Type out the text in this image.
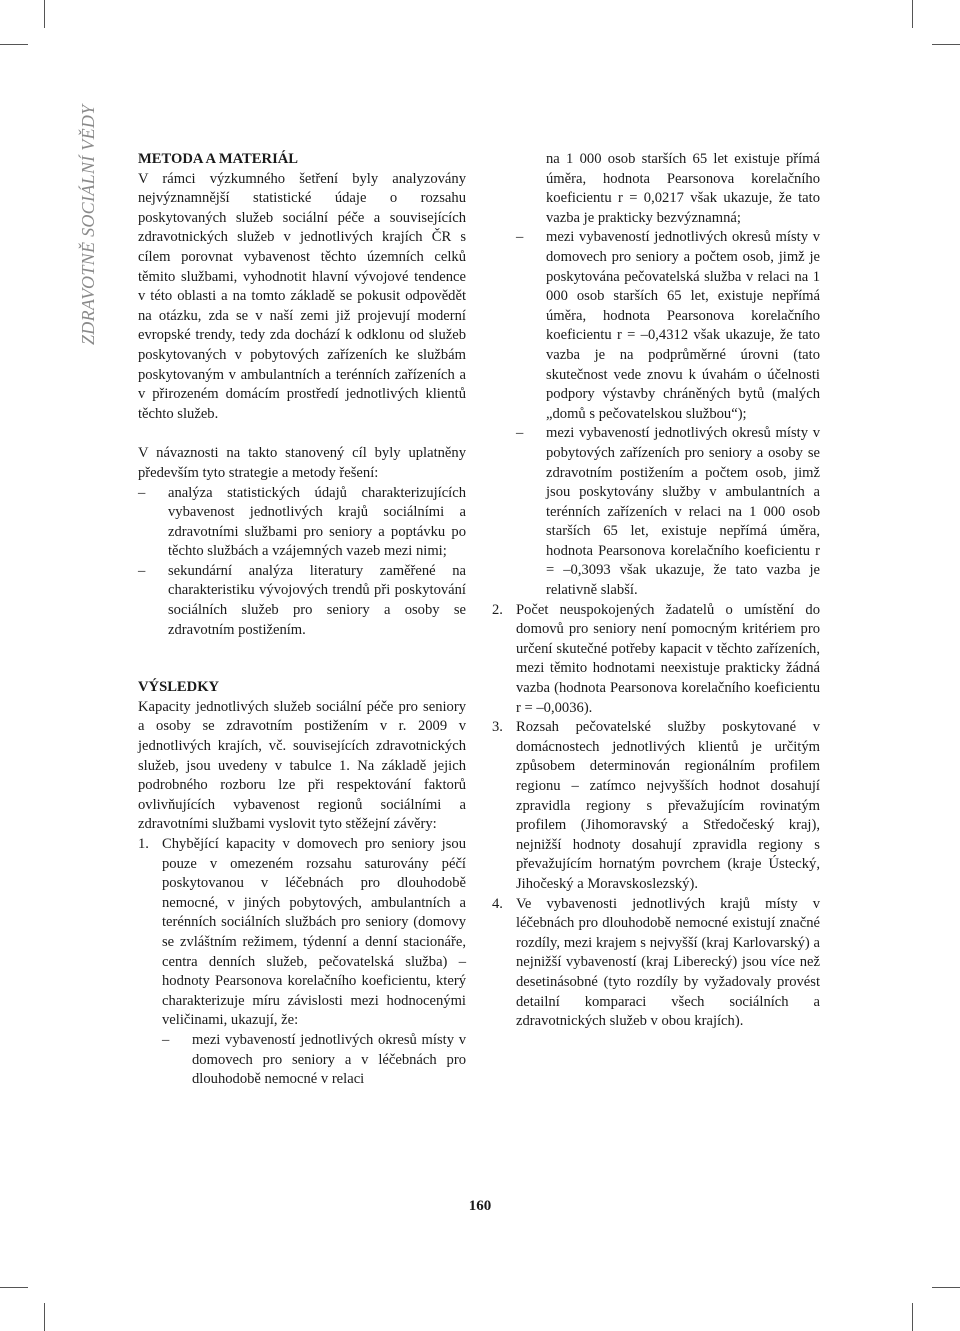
ZDRAVOTNĚ SOCIÁLNÍ VĚDY	METODA A MATERIÁL

V rámci výzkumného šetření byly analyzovány nejvýznamnější statistické údaje o rozsahu poskytovaných služeb sociální péče a souvisejících zdravotnických služeb v jednotlivých krajích ČR s cílem porovnat vybavenost těchto územních celků těmito službami, vyhodnotit hlavní vývojové tendence v této oblasti a na tomto základě se pokusit odpovědět na otázku, zda se v naší zemi již projevují moderní evropské trendy, tedy zda dochází k odklonu od služeb poskytovaných v pobytových zařízeních ke službám poskytovaným v ambulantních a terénních zařízeních a v přirozeném domácím prostředí jednotlivých klientů těchto služeb.

V návaznosti na takto stanovený cíl byly uplatněny především tyto strategie a metody řešení:

– analýza statistických údajů charakterizujících vybavenost jednotlivých krajů sociálními a zdravotními službami pro seniory a poptávku po těchto službách a vzájemných vazeb mezi nimi;
– sekundární analýza literatury zaměřené na charakteristiku vývojových trendů při poskytování sociálních služeb pro seniory a osoby se zdravotním postižením.
VÝSLEDKY

Kapacity jednotlivých služeb sociální péče pro seniory a osoby se zdravotním postižením v r. 2009 v jednotlivých krajích, vč. souvisejících zdravotnických služeb, jsou uvedeny v tabulce 1. Na základě jejich podrobného rozboru lze při respektování faktorů ovlivňujících vybavenost regionů sociálními a zdravotními službami vyslovit tyto stěžejní závěry:

1. Chybějící kapacity v domovech pro seniory jsou pouze v omezeném rozsahu saturovány péčí poskytovanou v léčebnách pro dlouhodobě nemocné, v jiných pobytových, ambulantních a terénních sociálních službách pro seniory (domovy se zvláštním režimem, týdenní a denní stacionáře, centra denních služeb, pečovatelská služba) – hodnoty Pearsonova korelačního koeficientu, který charakterizuje míru závislosti mezi hodnocenými veličinami, ukazují, že:
– mezi vybaveností jednotlivých okresů místy v domovech pro seniory a v léčebnách pro dlouhodobě nemocné v relaci

na 1 000 osob starších 65 let existuje přímá úměra, hodnota Pearsonova korelačního koeficientu r = 0,0217 však ukazuje, že tato vazba je prakticky bezvýznamná;

– mezi vybaveností jednotlivých okresů místy v domovech pro seniory a počtem osob, jimž je poskytována pečovatelská služba v relaci na 1 000 osob starších 65 let, existuje nepřímá úměra, hodnota Pearsonova korelačního koeficientu r = –0,4312 však ukazuje, že tato vazba je na podprůměrné úrovni (tato skutečnost vede znovu k úvahám o účelnosti podpory výstavby chráněných bytů (malých „domů s pečovatelskou službou“);
– mezi vybaveností jednotlivých okresů místy v pobytových zařízeních pro seniory a osoby se zdravotním postižením a počtem osob, jimž jsou poskytovány služby v ambulantních a terénních zařízeních v relaci na 1 000 osob starších 65 let, existuje nepřímá úměra, hodnota Pearsonova korelačního koeficientu r = –0,3093 však ukazuje, že tato vazba je relativně slabší.
2. Počet neuspokojených žadatelů o umístění do domovů pro seniory není pomocným kritériem pro určení skutečné potřeby kapacit v těchto zařízeních, mezi těmito hodnotami neexistuje prakticky žádná vazba (hodnota Pearsonova korelačního koeficientu r = –0,0036).
3. Rozsah pečovatelské služby poskytované v domácnostech jednotlivých klientů je určitým způsobem determinován regionálním profilem regionu – zatímco nejvyšších hodnot dosahují zpravidla regiony s převažujícím rovinatým profilem (Jihomoravský a Středočeský kraj), nejnižší hodnoty dosahují zpravidla regiony s převažujícím hornatým povrchem (kraje Ústecký, Jihočeský a Moravskoslezský).
4. Ve vybavenosti jednotlivých krajů místy v léčebnách pro dlouhodobě nemocné existují značné rozdíly, mezi krajem s nejvyšší (kraj Karlovarský) a nejnižší vybaveností (kraj Liberecký) jsou více než desetinásobné (tyto rozdíly by vyžadovaly provést detailní komparaci všech sociálních a zdravotnických služeb v obou krajích).
160
